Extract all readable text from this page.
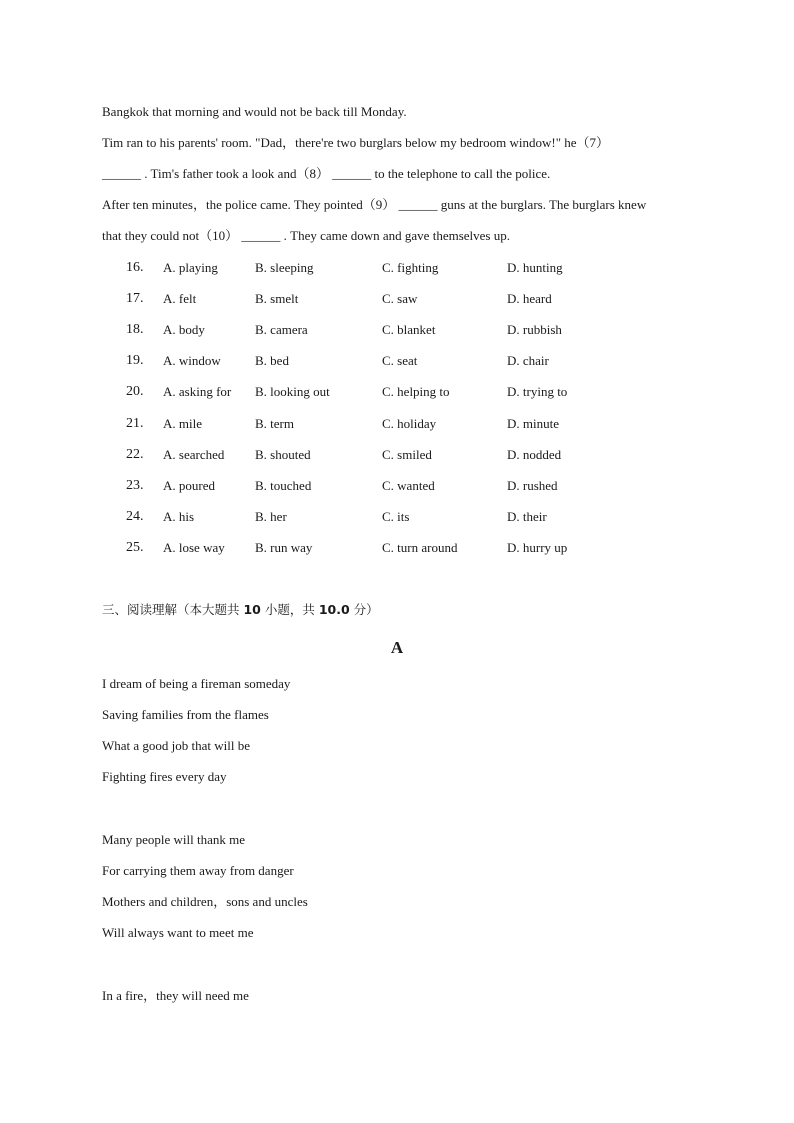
Bangkok that morning and would not be back till Monday.
Tim ran to his parents' room. "Dad，there're two burglars below my bedroom window!" he（7）
______ . Tim's father took a look and（8） ______ to the telephone to call the police.
After ten minutes，the police came. They pointed（9） ______ guns at the burglars. The burglars knew
that they could not（10） ______ . They came down and gave themselves up.
16. A. playing	B. sleeping	C. fighting	D. hunting
17. A. felt	B. smelt	C. saw	D. heard
18. A. body	B. camera	C. blanket	D. rubbish
19. A. window	B. bed	C. seat	D. chair
20. A. asking for B. looking out	C. helping to	D. trying to
21. A. mile	B. term	C. holiday	D. minute
22. A. searched B. shouted	C. smiled	D. nodded
23. A. poured	B. touched	C. wanted	D. rushed
24. A. his	B. her	C. its	D. their
25. A. lose way B. run way	C. turn around	D. hurry up
三、阅读理解（本大题共 10 小题，共 10.0 分）
A
I dream of being a fireman someday
Saving families from the flames
What a good job that will be
Fighting fires every day
Many people will thank me
For carrying them away from danger
Mothers and children，sons and uncles
Will always want to meet me
In a fire，they will need me
